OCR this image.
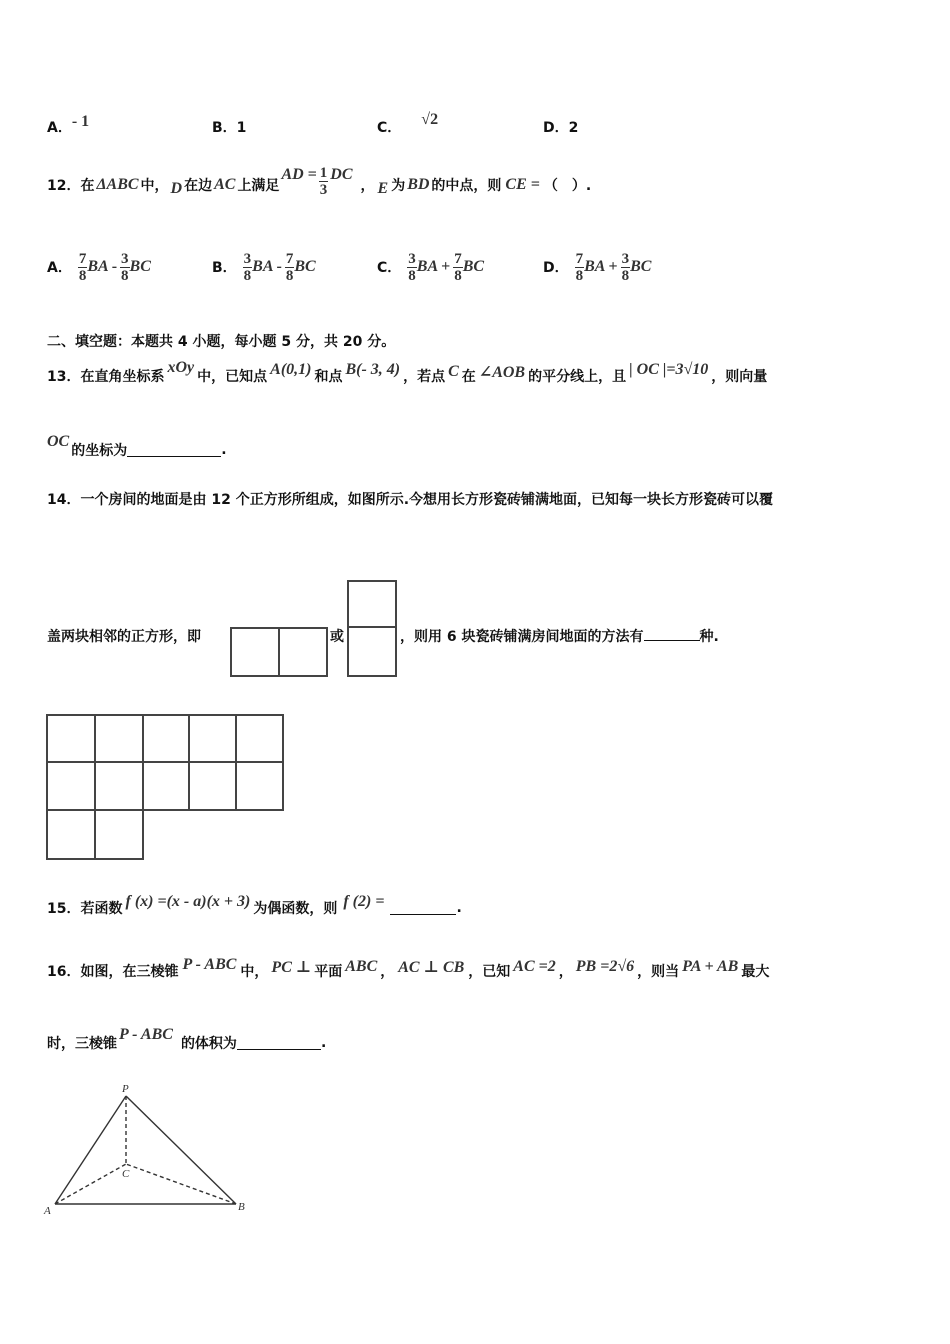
A．- 1	B．1	C． √2	D．2
12．在 ΔABC 中， D 在边 AC 上满足
AD = $\frac{1}{3}$ DC
， E 为 BD 的中点，则 CE = （　）.
A． $\frac{7}{8}$ BA - $\frac{3}{8}$ BC	B． $\frac{3}{8}$ BA - $\frac{7}{8}$ BC	C． $\frac{3}{8}$ BA + $\frac{7}{8}$ BC	D． $\frac{7}{8}$ BA + $\frac{3}{8}$ BC
二、填空题：本题共 4 小题，每小题 5 分，共 20 分。
13．在直角坐标系
xOy
中，已知点 A(0,1) 和点 B(- 3, 4) ，若点 C 在 ∠AOB 的平分线上，且 | OC |=3√10 ，则向量
OC
的坐标为	.
14．一个房间的地面是由 12 个正方形所组成，如图所示.今想用长方形瓷砖铺满地面，已知每一块长方形瓷砖可以覆
盖两块相邻的正方形，即	或	，则用 6 块瓷砖铺满房间地面的方法有	种.
15．若函数 f (x) =(x - a)(x + 3) 为偶函数，则 f (2) =	.
16．如图，在三棱锥 P - ABC 中， PC ⊥ 平面 ABC ， AC ⊥ CB ，已知 AC =2 ， PB =2√6 ，则当 PA + AB 最大
时，三棱锥
P - ABC
的体积为	.
P
C
A	B
